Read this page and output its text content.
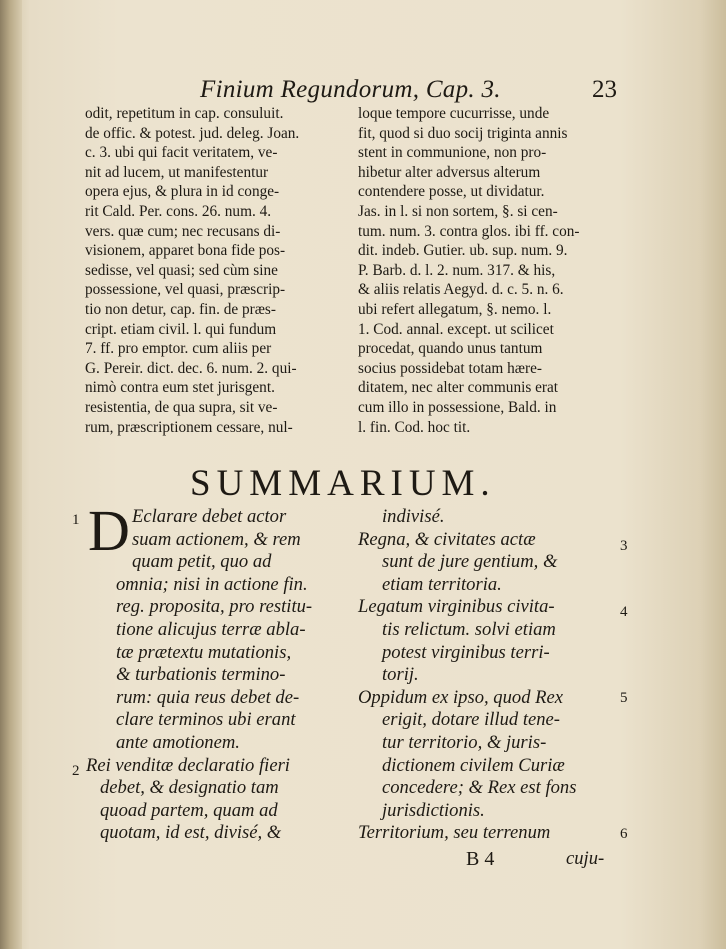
Finium Regundorum, Cap. 3.	23
odit, repetitum in cap. consuluit.
de offic. & potest. jud. deleg. Joan.
c. 3. ubi qui facit veritatem, ve-
nit ad lucem, ut manifestentur
opera ejus, & plura in id conge-
rit Cald. Per. cons. 26. num. 4.
vers. quæ cum; nec recusans di-
visionem, apparet bona fide pos-
sedisse, vel quasi; sed cùm sine
possessione, vel quasi, præscrip-
tio non detur, cap. fin. de præs-
cript. etiam civil. l. qui fundum
7. ff. pro emptor. cum aliis per
G. Pereir. dict. dec. 6. num. 2. qui-
nimò contra eum stet jurisgent.
resistentia, de qua supra, sit ve-
rum, præscriptionem cessare, nul-
loque tempore cucurrisse, unde
fit, quod si duo socij triginta annis
stent in communione, non pro-
hibetur alter adversus alterum
contendere posse, ut dividatur.
Jas. in l. si non sortem, §. si cen-
tum. num. 3. contra glos. ibi ff. con-
dit. indeb. Gutier. ub. sup. num. 9.
P. Barb. d. l. 2. num. 317. & his,
& aliis relatis Aegyd. d. c. 5. n. 6.
ubi refert allegatum, §. nemo. l.
1. Cod. annal. except. ut scilicet
procedat, quando unus tantum
socius possidebat totam hære-
ditatem, nec alter communis erat
cum illo in possessione, Bald. in
l. fin. Cod. hoc tit.
SUMMARIUM.
D
1
2
3
4
5
6
Eclarare debet actor
suam actionem, & rem
quam petit, quo ad
omnia; nisi in actione fin.
reg. proposita, pro restitu-
tione alicujus terræ abla-
tæ prætextu mutationis,
& turbationis termino-
rum: quia reus debet de-
clare terminos ubi erant
ante amotionem.
Rei venditæ declaratio fieri
debet, & designatio tam
quoad partem, quam ad
quotam, id est, divisé, &
indivisé.
Regna, & civitates actæ
sunt de jure gentium, &
etiam territoria.
Legatum virginibus civita-
tis relictum. solvi etiam
potest virginibus terri-
torij.
Oppidum ex ipso, quod Rex
erigit, dotare illud tene-
tur territorio, & juris-
dictionem civilem Curiæ
concedere; & Rex est fons
jurisdictionis.
Territorium, seu terrenum
B 4	cuju-
